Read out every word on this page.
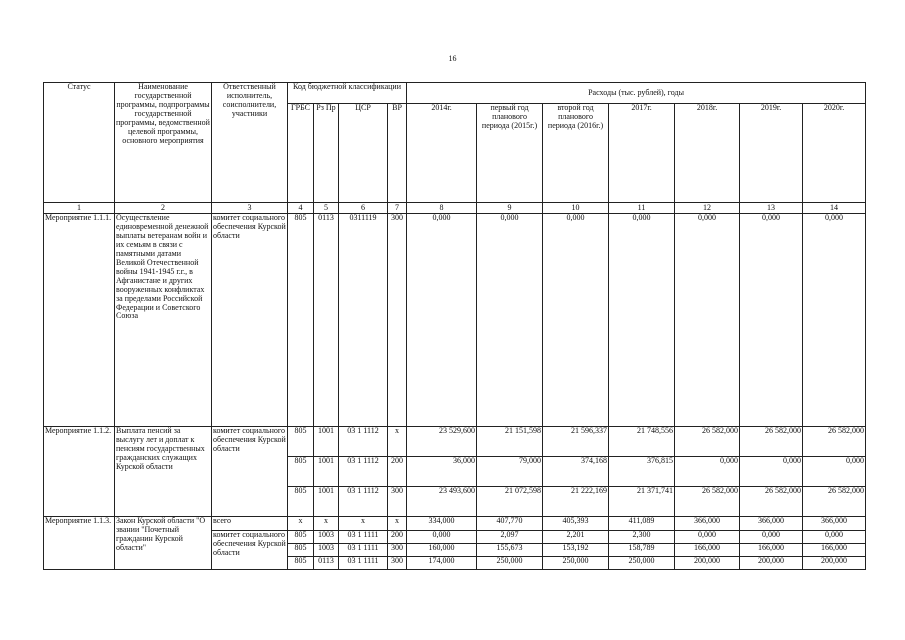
16
Статус	Наименование государственной программы, подпрограммы государственной программы, ведомственной целевой программы, основного мероприятия	Ответственный исполнитель, соисполнители, участники	Код бюджетной классификации				Расходы (тыс. рублей), годы						
			ГРБС	Рз Пр	ЦСР	ВР	2014г.	первый год планового периода (2015г.)	второй год планового периода (2016г.)	2017г.	2018г.	2019г.	2020г.
1	2	3	4	5	6	7	8	9	10	11	12	13	14
Мероприятие 1.1.1.	Осуществление единовременной денежной выплаты ветеранам войн и их семьям в связи с памятными датами Великой Отечественной войны 1941-1945 г.г., в Афганистане и других вооруженных конфликтах за пределами Российской Федерации и Советского Союза	комитет социального обеспечения Курской области	805	0113	0311119	300	0,000	0,000	0,000	0,000	0,000	0,000	0,000
Мероприятие 1.1.2.	Выплата пенсий за выслугу лет и доплат к пенсиям государственных гражданских служащих Курской области	комитет социального обеспечения Курской области	805	1001	03 1 1112	x	23 529,600	21 151,598	21 596,337	21 748,556	26 582,000	26 582,000	26 582,000
			805	1001	03 1 1112	200	36,000	79,000	374,168	376,815	0,000	0,000	0,000
			805	1001	03 1 1112	300	23 493,600	21 072,598	21 222,169	21 371,741	26 582,000	26 582,000	26 582,000
Мероприятие 1.1.3.	Закон Курской области "О звании "Почетный гражданин Курской области"	всего	x	x	x	x	334,000	407,770	405,393	411,089	366,000	366,000	366,000
		комитет социального обеспечения Курской области	805	1003	03 1 1111	200	0,000	2,097	2,201	2,300	0,000	0,000	0,000
			805	1003	03 1 1111	300	160,000	155,673	153,192	158,789	166,000	166,000	166,000
			805	0113	03 1 1111	300	174,000	250,000	250,000	250,000	200,000	200,000	200,000
